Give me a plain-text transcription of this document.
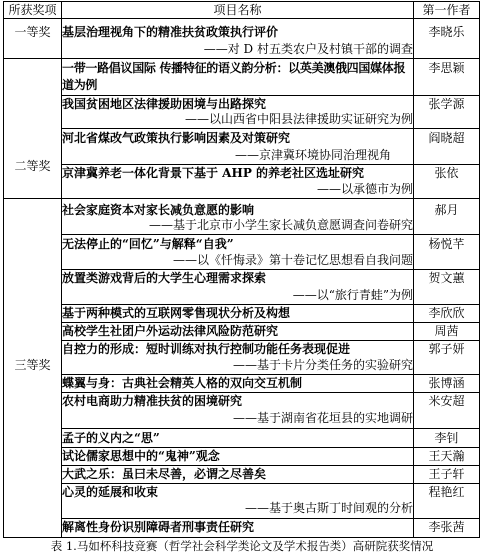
所获奖项	项目名称	第一作者

一等奖	基层治理视角下的精准扶贫政策执行评价
——对 D 村五类农户及村镇干部的调查	李晓乐

二等奖	一带一路倡议国际 传播特征的语义韵分析：以英美澳俄四国媒体报道为例	李思颖

	我国贫困地区法律援助困境与出路探究
——以山西省中阳县法律援助实证研究为例	张学源

	河北省煤改气政策执行影响因素及对策研究
——京津冀环境协同治理视角	阎晓超

	京津冀养老一体化背景下基于 AHP 的养老社区选址研究
——以承德市为例	张依

三等奖	社会家庭资本对家长减负意愿的影响
——基于北京市小学生家长减负意愿调查问卷研究	郝月

	无法停止的“回忆”与解释“自我”
——以《忏悔录》第十卷记忆思想看自我问题	杨悦芊

	放置类游戏背后的大学生心理需求探索
——以“旅行青蛙”为例	贺文蕙

	基于两种模式的互联网零售现状分析及构想	李欣欣

	高校学生社团户外运动法律风险防范研究	周茜

	自控力的形成：短时训练对执行控制功能任务表现促进
——基于卡片分类任务的实验研究	郭子妍

	蝶翼与身：古典社会精英人格的双向交互机制	张博涵

	农村电商助力精准扶贫的困境研究
——基于湖南省花垣县的实地调研	米安超

	孟子的义内之“思”	李钊

	试论儒家思想中的“鬼神”观念	王天瀚

	大武之乐：虽曰未尽善，必谓之尽善矣	王子轩

	心灵的延展和收束
——基于奥古斯丁时间观的分析	程艳红

	解离性身份识别障碍者刑事责任研究	李张茜
表 1.马如杯科技竞赛（哲学社会科学类论文及学术报告类）高研院获奖情况
